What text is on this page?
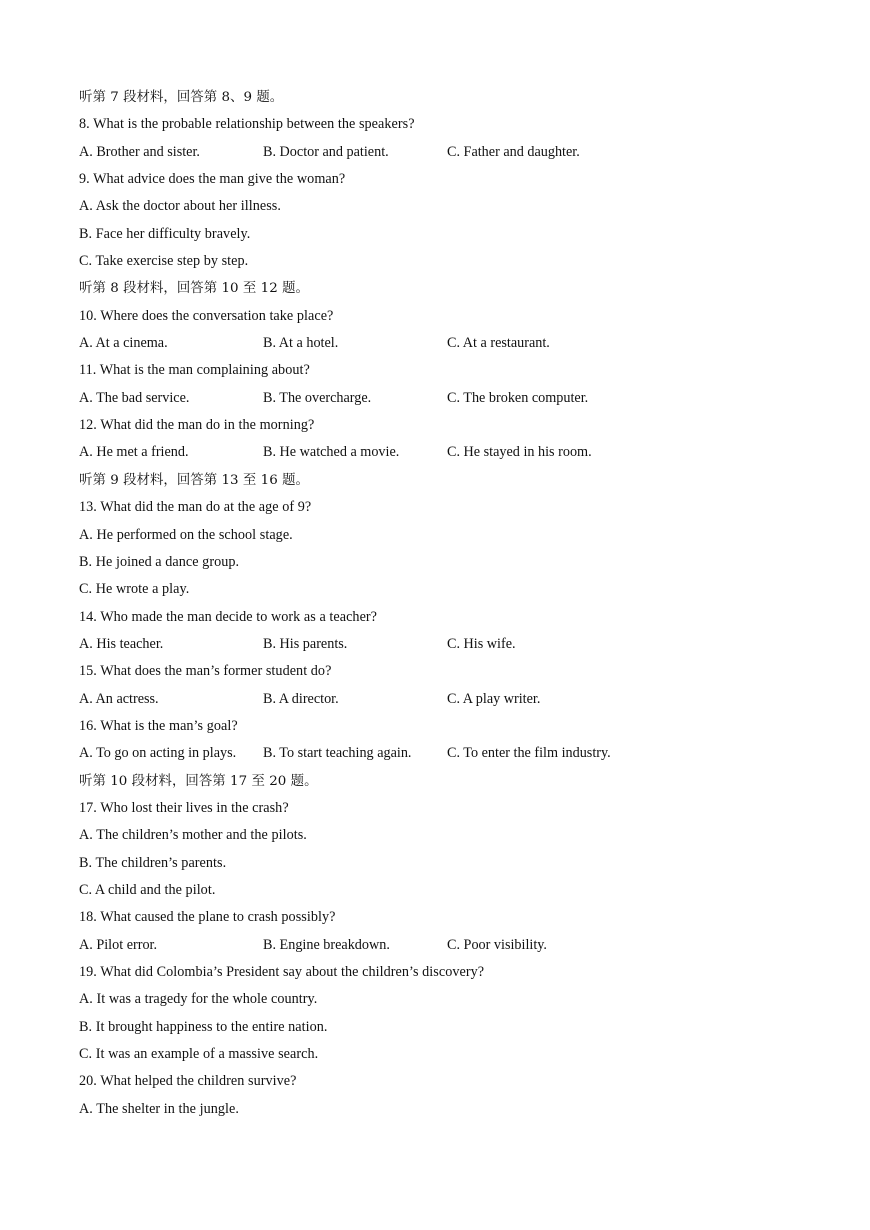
听第 7 段材料，回答第 8、9 题。
8. What is the probable relationship between the speakers?
A. Brother and sister.	B. Doctor and patient.	C. Father and daughter.
9. What advice does the man give the woman?
A. Ask the doctor about her illness.
B. Face her difficulty bravely.
C. Take exercise step by step.
听第 8 段材料，回答第 10 至 12 题。
10. Where does the conversation take place?
A. At a cinema.	B. At a hotel.	C. At a restaurant.
11. What is the man complaining about?
A. The bad service.	B. The overcharge.	C. The broken computer.
12. What did the man do in the morning?
A. He met a friend.	B. He watched a movie.	C. He stayed in his room.
听第 9 段材料，回答第 13 至 16 题。
13. What did the man do at the age of 9?
A. He performed on the school stage.
B. He joined a dance group.
C. He wrote a play.
14. Who made the man decide to work as a teacher?
A. His teacher.	B. His parents.	C. His wife.
15. What does the man’s former student do?
A. An actress.	B. A director.	C. A play writer.
16. What is the man’s goal?
A. To go on acting in plays.	B. To start teaching again.	C. To enter the film industry.
听第 10 段材料，回答第 17 至 20 题。
17. Who lost their lives in the crash?
A. The children’s mother and the pilots.
B. The children’s parents.
C. A child and the pilot.
18. What caused the plane to crash possibly?
A. Pilot error.	B. Engine breakdown.	C. Poor visibility.
19. What did Colombia’s President say about the children’s discovery?
A. It was a tragedy for the whole country.
B. It brought happiness to the entire nation.
C. It was an example of a massive search.
20. What helped the children survive?
A. The shelter in the jungle.
